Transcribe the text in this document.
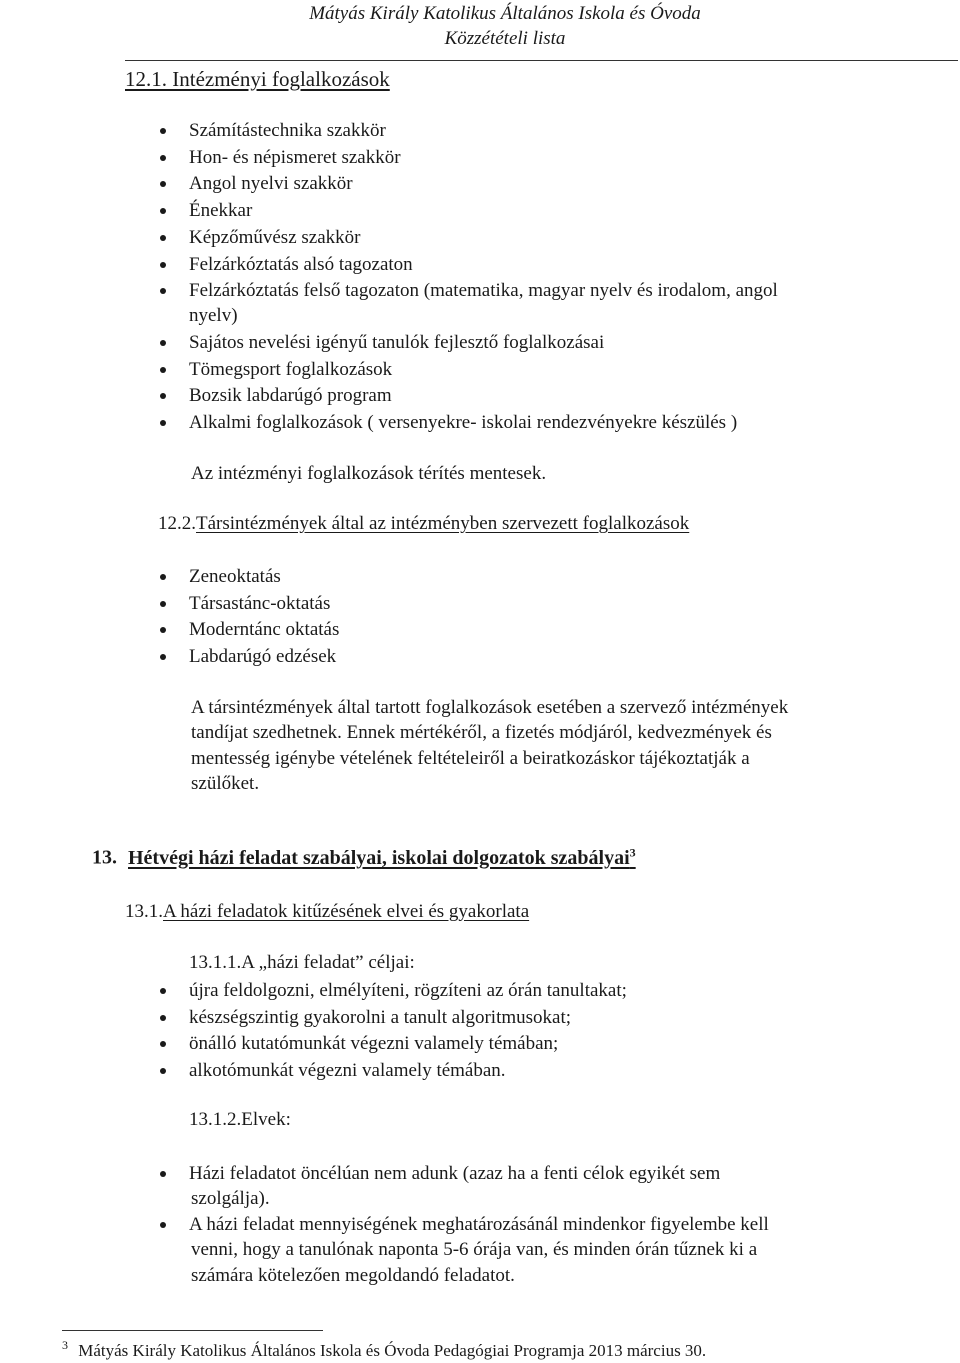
Mátyás Király Katolikus Általános Iskola és Óvoda
Közzétételi lista
12.1. Intézményi foglalkozások
Számítástechnika szakkör
Hon- és népismeret szakkör
Angol nyelvi szakkör
Énekkar
Képzőművész szakkör
Felzárkóztatás alsó tagozaton
Felzárkóztatás felső tagozaton (matematika, magyar nyelv és irodalom, angol
nyelv)
Sajátos nevelési igényű tanulók fejlesztő foglalkozásai
Tömegsport foglalkozások
Bozsik labdarúgó program
Alkalmi foglalkozások ( versenyekre- iskolai rendezvényekre készülés )
Az intézményi foglalkozások térítés mentesek.
12.2.Társintézmények által az intézményben szervezett foglalkozások
Zeneoktatás
Társastánc-oktatás
Moderntánc oktatás
Labdarúgó edzések
A társintézmények által tartott foglalkozások esetében a szervező intézmények
tandíjat szedhetnek. Ennek mértékéről, a fizetés módjáról, kedvezmények és
mentesség igénybe vételének feltételeiről a beiratkozáskor tájékoztatják a
szülőket.
13. Hétvégi házi feladat szabályai, iskolai dolgozatok szabályai$^3$
13.1.A házi feladatok kitűzésének elvei és gyakorlata
13.1.1.A „házi feladat” céljai:
újra feldolgozni, elmélyíteni, rögzíteni az órán tanultakat;
készségszintig gyakorolni a tanult algoritmusokat;
önálló kutatómunkát végezni valamely témában;
alkotómunkát végezni valamely témában.
13.1.2.Elvek:
Házi feladatot öncélúan nem adunk (azaz ha a fenti célok egyikét sem
szolgálja).
A házi feladat mennyiségének meghatározásánál mindenkor figyelembe kell
venni, hogy a tanulónak naponta 5-6 órája van, és minden órán tűznek ki a
számára kötelezően megoldandó feladatot.
$^3$ Mátyás Király Katolikus Általános Iskola és Óvoda Pedagógiai Programja 2013 március 30.
